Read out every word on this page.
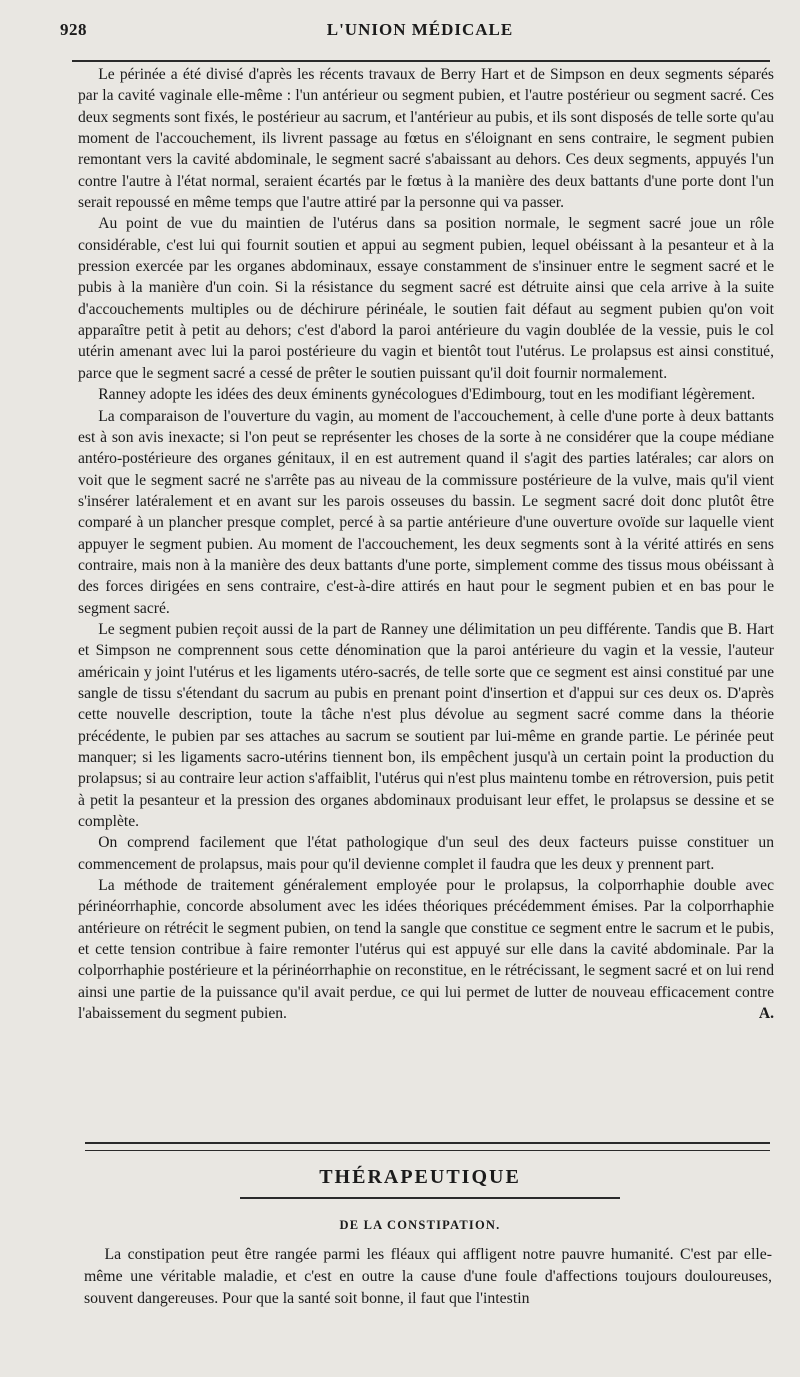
928	L'UNION MÉDICALE

Le périnée a été divisé d'après les récents travaux de Berry Hart et de Simpson en deux segments séparés par la cavité vaginale elle-même : l'un antérieur ou segment pubien, et l'autre postérieur ou segment sacré. Ces deux segments sont fixés, le postérieur au sacrum, et l'antérieur au pubis, et ils sont disposés de telle sorte qu'au moment de l'accouchement, ils livrent passage au fœtus en s'éloignant en sens contraire, le segment pubien remontant vers la cavité abdominale, le segment sacré s'abaissant au dehors. Ces deux segments, appuyés l'un contre l'autre à l'état normal, seraient écartés par le fœtus à la manière des deux battants d'une porte dont l'un serait repoussé en même temps que l'autre attiré par la personne qui va passer.

Au point de vue du maintien de l'utérus dans sa position normale, le segment sacré joue un rôle considérable, c'est lui qui fournit soutien et appui au segment pubien, lequel obéissant à la pesanteur et à la pression exercée par les organes abdominaux, essaye constamment de s'insinuer entre le segment sacré et le pubis à la manière d'un coin. Si la résistance du segment sacré est détruite ainsi que cela arrive à la suite d'accouchements multiples ou de déchirure périnéale, le soutien fait défaut au segment pubien qu'on voit apparaître petit à petit au dehors; c'est d'abord la paroi antérieure du vagin doublée de la vessie, puis le col utérin amenant avec lui la paroi postérieure du vagin et bientôt tout l'utérus. Le prolapsus est ainsi constitué, parce que le segment sacré a cessé de prêter le soutien puissant qu'il doit fournir normalement.

Ranney adopte les idées des deux éminents gynécologues d'Edimbourg, tout en les modifiant légèrement.

La comparaison de l'ouverture du vagin, au moment de l'accouchement, à celle d'une porte à deux battants est à son avis inexacte; si l'on peut se représenter les choses de la sorte à ne considérer que la coupe médiane antéro-postérieure des organes génitaux, il en est autrement quand il s'agit des parties latérales; car alors on voit que le segment sacré ne s'arrête pas au niveau de la commissure postérieure de la vulve, mais qu'il vient s'insérer latéralement et en avant sur les parois osseuses du bassin. Le segment sacré doit donc plutôt être comparé à un plancher presque complet, percé à sa partie antérieure d'une ouverture ovoïde sur laquelle vient appuyer le segment pubien. Au moment de l'accouchement, les deux segments sont à la vérité attirés en sens contraire, mais non à la manière des deux battants d'une porte, simplement comme des tissus mous obéissant à des forces dirigées en sens contraire, c'est-à-dire attirés en haut pour le segment pubien et en bas pour le segment sacré.

Le segment pubien reçoit aussi de la part de Ranney une délimitation un peu différente. Tandis que B. Hart et Simpson ne comprennent sous cette dénomination que la paroi antérieure du vagin et la vessie, l'auteur américain y joint l'utérus et les ligaments utéro-sacrés, de telle sorte que ce segment est ainsi constitué par une sangle de tissu s'étendant du sacrum au pubis en prenant point d'insertion et d'appui sur ces deux os. D'après cette nouvelle description, toute la tâche n'est plus dévolue au segment sacré comme dans la théorie précédente, le pubien par ses attaches au sacrum se soutient par lui-même en grande partie. Le périnée peut manquer; si les ligaments sacro-utérins tiennent bon, ils empêchent jusqu'à un certain point la production du prolapsus; si au contraire leur action s'affaiblit, l'utérus qui n'est plus maintenu tombe en rétroversion, puis petit à petit la pesanteur et la pression des organes abdominaux produisant leur effet, le prolapsus se dessine et se complète.

On comprend facilement que l'état pathologique d'un seul des deux facteurs puisse constituer un commencement de prolapsus, mais pour qu'il devienne complet il faudra que les deux y prennent part.

La méthode de traitement généralement employée pour le prolapsus, la colporrhaphie double avec périnéorrhaphie, concorde absolument avec les idées théoriques précédemment émises. Par la colporrhaphie antérieure on rétrécit le segment pubien, on tend la sangle que constitue ce segment entre le sacrum et le pubis, et cette tension contribue à faire remonter l'utérus qui est appuyé sur elle dans la cavité abdominale. Par la colporrhaphie postérieure et la périnéorrhaphie on reconstitue, en le rétrécissant, le segment sacré et on lui rend ainsi une partie de la puissance qu'il avait perdue, ce qui lui permet de lutter de nouveau efficacement contre l'abaissement du segment pubien.	A.

THÉRAPEUTIQUE
DE LA CONSTIPATION.

La constipation peut être rangée parmi les fléaux qui affligent notre pauvre humanité. C'est par elle-même une véritable maladie, et c'est en outre la cause d'une foule d'affections toujours douloureuses, souvent dangereuses. Pour que la santé soit bonne, il faut que l'intestin
